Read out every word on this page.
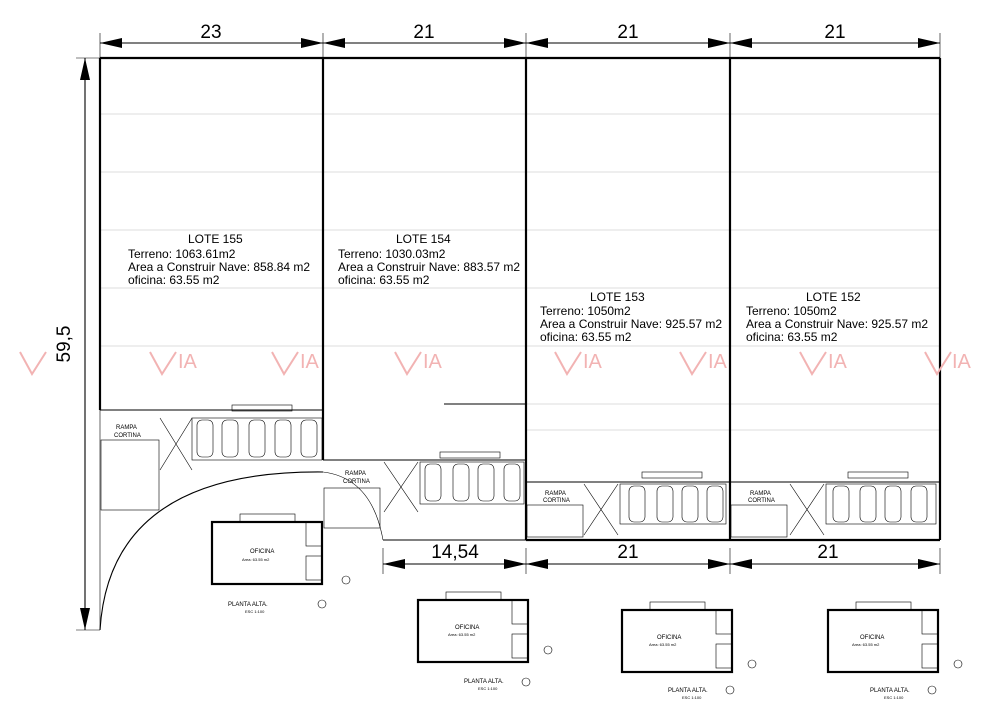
23	21	21	21
59,5
14,54	21	21
IA	IA	IA	IA	IA	IA	IA
LOTE 155
Terreno: 1063.61m2
Area a Construir Nave: 858.84 m2
oficina: 63.55 m2
LOTE 154
Terreno: 1030.03m2
Area a Construir Nave: 883.57 m2
oficina: 63.55 m2
LOTE 153
Terreno: 1050m2
Area a Construir Nave: 925.57 m2
oficina: 63.55 m2
LOTE 152
Terreno: 1050m2
Area a Construir Nave: 925.57 m2
oficina: 63.55 m2
RAMPA
CORTINA
RAMPA
CORTINA
RAMPA
CORTINA
RAMPA
CORTINA
OFICINA
Area: 63.55 m2
PLANTA ALTA.
ESC 1:100
OFICINA
Area: 63.55 m2
PLANTA ALTA.
ESC 1:100
OFICINA
Area: 63.55 m2
PLANTA ALTA.
ESC 1:100
OFICINA
Area: 63.55 m2
PLANTA ALTA.
ESC 1:100
